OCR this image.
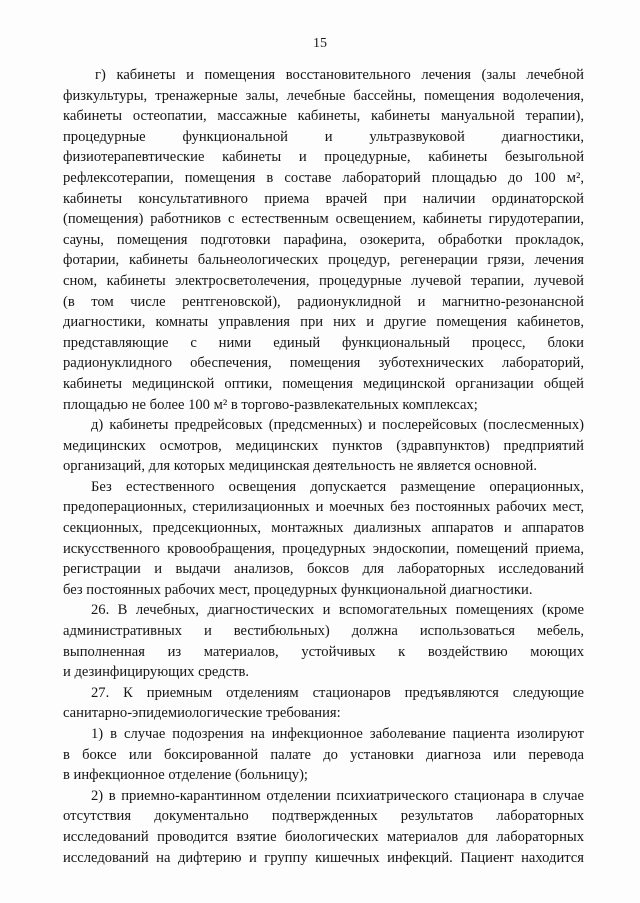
15
г) кабинеты и помещения восстановительного лечения (залы лечебной
физкультуры, тренажерные залы, лечебные бассейны, помещения водолечения,
кабинеты остеопатии, массажные кабинеты, кабинеты мануальной терапии),
процедурные функциональной и ультразвуковой диагностики,
физиотерапевтические кабинеты и процедурные, кабинеты безыгольной
рефлексотерапии, помещения в составе лабораторий площадью до 100 м²,
кабинеты консультативного приема врачей при наличии ординаторской
(помещения) работников с естественным освещением, кабинеты гирудотерапии,
сауны, помещения подготовки парафина, озокерита, обработки прокладок,
фотарии, кабинеты бальнеологических процедур, регенерации грязи, лечения
сном, кабинеты электросветолечения, процедурные лучевой терапии, лучевой
(в том числе рентгеновской), радионуклидной и магнитно-резонансной
диагностики, комнаты управления при них и другие помещения кабинетов,
представляющие с ними единый функциональный процесс, блоки
радионуклидного обеспечения, помещения зуботехнических лабораторий,
кабинеты медицинской оптики, помещения медицинской организации общей
площадью не более 100 м² в торгово-развлекательных комплексах;
д) кабинеты предрейсовых (предсменных) и послерейсовых (послесменных)
медицинских осмотров, медицинских пунктов (здравпунктов) предприятий
организаций, для которых медицинская деятельность не является основной.
Без естественного освещения допускается размещение операционных,
предоперационных, стерилизационных и моечных без постоянных рабочих мест,
секционных, предсекционных, монтажных диализных аппаратов и аппаратов
искусственного кровообращения, процедурных эндоскопии, помещений приема,
регистрации и выдачи анализов, боксов для лабораторных исследований
без постоянных рабочих мест, процедурных функциональной диагностики.
26. В лечебных, диагностических и вспомогательных помещениях (кроме
административных и вестибюльных) должна использоваться мебель,
выполненная из материалов, устойчивых к воздействию моющих
и дезинфицирующих средств.
27. К приемным отделениям стационаров предъявляются следующие
санитарно-эпидемиологические требования:
1) в случае подозрения на инфекционное заболевание пациента изолируют
в боксе или боксированной палате до установки диагноза или перевода
в инфекционное отделение (больницу);
2) в приемно-карантинном отделении психиатрического стационара в случае
отсутствия документально подтвержденных результатов лабораторных
исследований проводится взятие биологических материалов для лабораторных
исследований на дифтерию и группу кишечных инфекций. Пациент находится
